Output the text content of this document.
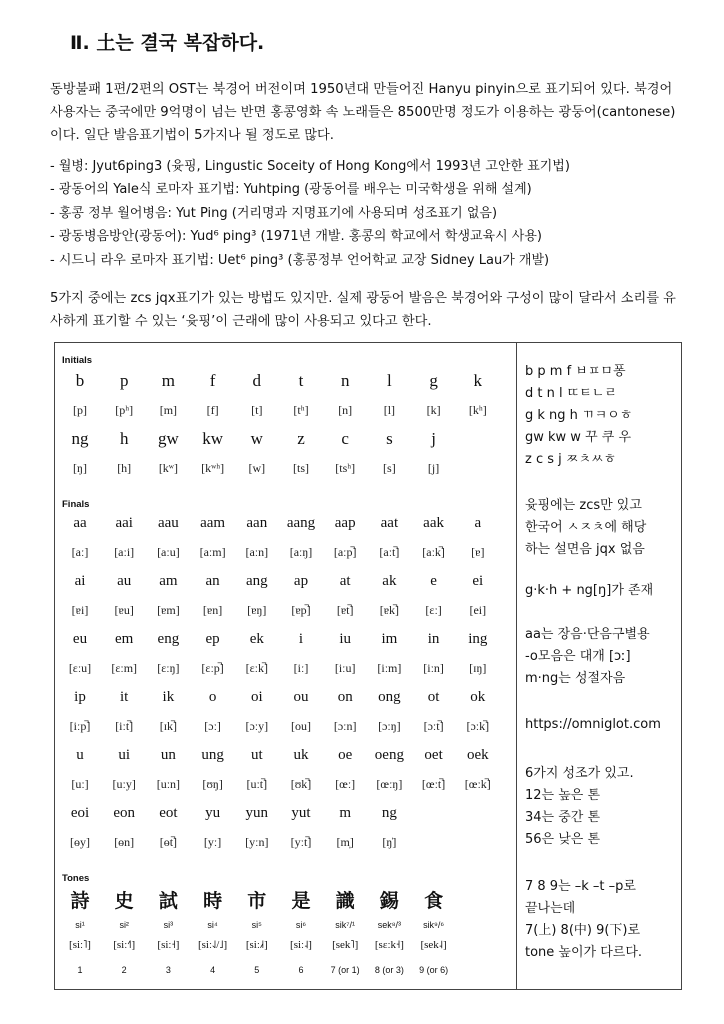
Ⅱ. 土는 결국 복잡하다.
동방불패 1편/2편의 OST는 북경어 버전이며 1950년대 만들어진 Hanyu pinyin으로 표기되어 있다. 북경어 사용자는 중국에만 9억명이 넘는 반면 홍콩영화 속 노래들은 8500만명 정도가 이용하는 광둥어(cantonese)이다. 일단 발음표기법이 5가지나 될 정도로 많다.
- 월병: Jyut6ping3 (윳핑, Lingustic Soceity of Hong Kong에서 1993년 고안한 표기법)
- 광동어의 Yale식 로마자 표기법: Yuhtping (광동어를 배우는 미국학생을 위해 설계)
- 홍콩 정부 월어병음: Yut Ping (거리명과 지명표기에 사용되며 성조표기 없음)
- 광동병음방안(광동어): Yud⁶ ping³ (1971년 개발. 홍콩의 학교에서 학생교육시 사용)
- 시드니 라우 로마자 표기법: Uet⁶ ping³ (홍콩정부 언어학교 교장 Sidney Lau가 개발)
5가지 중에는 zcs jqx표기가 있는 방법도 있지만. 실제 광둥어 발음은 북경어와 구성이 많이 달라서 소리를 유사하게 표기할 수 있는 ‘윳핑’이 근래에 많이 사용되고 있다고 한다.
Initials
Finals
Tones
b	p	m	f	d	t	n	l	g	k
[p]	[pʰ]	[m]	[f]	[t]	[tʰ]	[n]	[l]	[k]	[kʰ]
ng	h	gw	kw	w	z	c	s	j
[ŋ]	[h]	[kʷ]	[kʷʰ]	[w]	[ts]	[tsʰ]	[s]	[j]
aa	aai	aau	aam	aan	aang	aap	aat	aak	a
[aː]	[aːi]	[aːu]	[aːm]	[aːn]	[aːŋ]	[aːp̚]	[aːt̚]	[aːk̚]	[ɐ]
ai	au	am	an	ang	ap	at	ak	e	ei
[ɐi]	[ɐu]	[ɐm]	[ɐn]	[ɐŋ]	[ɐp̚]	[ɐt̚]	[ɐk̚]	[ɛː]	[ei]
eu	em	eng	ep	ek	i	iu	im	in	ing
[ɛːu]	[ɛːm]	[ɛːŋ]	[ɛːp̚]	[ɛːk̚]	[iː]	[iːu]	[iːm]	[iːn]	[ɪŋ]
ip	it	ik	o	oi	ou	on	ong	ot	ok
[iːp̚]	[iːt̚]	[ɪk̚]	[ɔː]	[ɔːy]	[ou]	[ɔːn]	[ɔːŋ]	[ɔːt̚]	[ɔːk̚]
u	ui	un	ung	ut	uk	oe	oeng	oet	oek
[uː]	[uːy]	[uːn]	[ʊŋ]	[uːt̚]	[ʊk̚]	[œː]	[œːŋ]	[œːt̚]	[œːk̚]
eoi	eon	eot	yu	yun	yut	m	ng
[ɵy]	[ɵn]	[ɵt̚]	[yː]	[yːn]	[yːt̚]	[m̩]	[ŋ̍]
詩	史	試	時	市	是	識	錫	食
si¹	si²	si³	si⁴	si⁵	si⁶	sik⁷/¹	sek⁸/³	sik⁹/⁶
[siː˥]	[siː˧˥]	[siː˧]	[siː˨˩/˩]	[siː˩˧]	[siː˨]	[sek˥]	[sɛːk˧]	[sek˨]
1	2	3	4	5	6	7 (or 1)	8 (or 3)	9 (or 6)
b p m f ㅂㅍㅁ퐁
d t n l ㄸㅌㄴㄹ
g k ng h ㄲㅋㅇㅎ
gw kw w 꾸 쿠 우
z c s j ㅉㅊㅆㅎ
윳핑에는 zcs만 있고
한국어 ㅅㅈㅊ에 해당
하는 설면음 jqx 없음
g·k·h + ng[ŋ]가 존재
aa는 장음·단음구별용
-o모음은 대개 [ɔː]
m·ng는 성절자음
https://omniglot.com
6가지 성조가 있고.
12는 높은 톤
34는 중간 톤
56은 낮은 톤
7 8 9는 –k –t –p로
끝나는데
7(上) 8(中) 9(下)로
tone 높이가 다르다.
